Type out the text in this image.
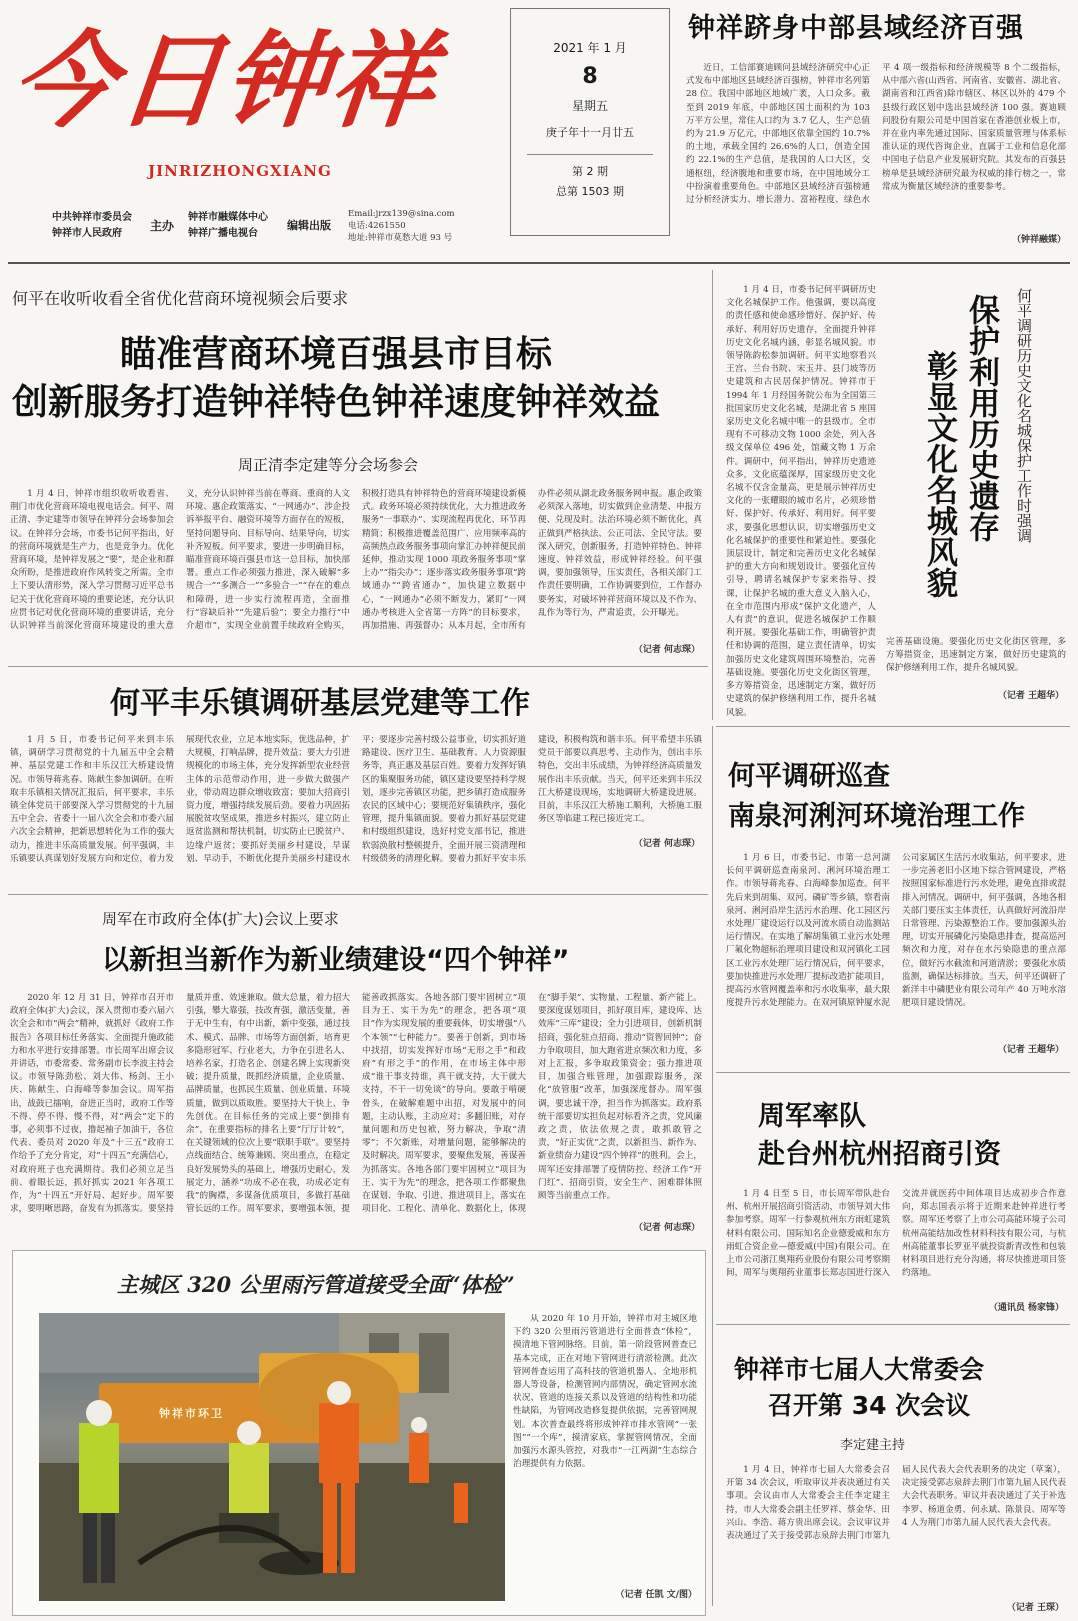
今日钟祥
JINRIZHONGXIANG
中共钟祥市委员会
钟祥市人民政府
主办
钟祥市融媒体中心
钟祥广播电视台
编辑出版
Email:jrzx139@sina.com
电话:4261550
地址:钟祥市莫愁大道 93 号
2021 年 1 月
8
星期五
庚子年十一月廿五
第 2 期
总第 1503 期
钟祥跻身中部县域经济百强
近日，工信部赛迪顾问县域经济研究中心正式发布中部地区县域经济百强榜，钟祥市名列第 28 位。我国中部地区地域广袤，人口众多。截至到 2019 年底，中部地区国土面积约为 103 万平方公里，常住人口约为 3.7 亿人，生产总值约为 21.9 万亿元，中部地区依靠全国约 10.7%的土地，承载全国约 26.6%的人口，创造全国约 22.1%的生产总值，是我国的人口大区，交通枢纽，经济腹地和重要市场，在中国地域分工中扮演着重要角色。中部地区县域经济百强榜通过分析经济实力、增长潜力、富裕程度、绿色水平 4 项一级指标和经济规模等 8 个二级指标，从中部六省(山西省、河南省、安徽省、湖北省、湖南省和江西省)除市辖区、林区以外的 479 个县级行政区划中选出县域经济 100 强。赛迪顾问股份有限公司是中国首家在香港创业板上市，并在业内率先通过国际、国家质量管理与体系标准认证的现代咨询企业，直属于工业和信息化部中国电子信息产业发展研究院。其发布的百强县榜单是县域经济研究最为权威的排行榜之一，常常成为衡量区域经济的重要参考。
（钟祥融媒）
何平在收听收看全省优化营商环境视频会后要求
瞄准营商环境百强县市目标
创新服务打造钟祥特色钟祥速度钟祥效益
周正清李定建等分会场参会
1 月 4 日，钟祥市组织收听收看省、荆门市优化营商环境电视电话会。何平、周正清、李定建等市领导在钟祥分会场参加会议。在钟祥分会场，市委书记何平指出，好的营商环境就是生产力，也是竞争力。优化营商环境，是钟祥发展之“要”，是企业和群众所盼，是推进政府作风转变之所需。全市上下要认清形势，深入学习贯彻习近平总书记关于优化营商环境的重要论述，充分认识应贯书记对优化营商环境的重要讲话，充分认识钟祥当前深化营商环境建设的重大意义，充分认识钟祥当前在尊商、重商的人文环境、惠企政策落实、“一网通办”、涉企投诉举报平台、融资环境等方面存在的短板，坚持问题导向、目标导向、结果导向，切实补齐短板。何平要求，要进一步明确目标，瞄准营商环境百强县市这一总目标，加快部署。重点工作必须强力推进，深入破解“多规合一”“多测合一”“多验合一”“存在的难点和障碍，进一步实行流程再造，全面推行“容缺后补”“先建后验”；要全力推行“中介超市”，实现全业前置手续政府全购买，积极打造具有钟祥特色的营商环境建设新模式。政务环境必须持续优化，大力推进政务服务“一事联办”、实现流程再优化、环节再精简；积极推进覆盖范围广、应用频率高的高频热点政务服务事项向掌汇办钟祥便民前延伸，推动实现 1000 项政务服务事项“掌上办”“指尖办”；逐步落实政务服务事项“跨域通办”“跨省通办”，加快建立数据中心，“一网通办”必须不断发力，紧盯“一网通办考核进入全省第一方阵”的目标要求，再加措施、再强督办；从本月起，全市所有办件必须从湖北政务服务网申报。惠企政策必须深入落地，切实做到企业清楚、申报方便、兑现及时。法治环境必须不断优化，真正做到严格执法、公正司法、全民守法。要深入研究，创新服务，打造钟祥特色、钟祥速度、钟祥效益，形成钟祥经验。何平强调，要加强领导，压实责任，各相关部门工作责任要明确，工作协调要到位，工作督办要务实，对破坏钟祥营商环境以及不作为、乱作为等行为，严肃追责，公开曝光。
（记者 何志琛）
1 月 4 日，市委书记何平调研历史文化名城保护工作。他强调，要以高度的责任感和使命感珍惜好、保护好、传承好、利用好历史遗存，全面提升钟祥历史文化名城内涵，彰显名城风貌。市领导陈韵松参加调研。何平实地察看兴王宫、兰台书院、宋玉井、县门坡等历史建筑和古民居保护情况。钟祥市于 1994 年 1 月经国务院公布为全国第三批国家历史文化名城，是湖北省 5 座国家历史文化名城中唯一的县级市。全市现有不可移动文物 1000 余处，列入各级文保单位 496 处，馆藏文物 1 万余件。调研中，何平指出，钟祥历史遗迹众多，文化底蕴深厚，国家级历史文化名城不仅含金量高，更是展示钟祥历史文化的一张耀眼的城市名片，必须珍惜好、保护好、传承好、利用好。何平要求，要强化思想认识，切实增强历史文化名城保护的重要性和紧迫性。要强化顶层设计，制定和完善历史文化名城保护的重大方向和规划设计。要强化宣传引导，聘请名城保护专家来指导、授课，让保护名城的重大意义入脑入心，在全市范围内形成“保护文化遗产，人人有责”的意识，促进名城保护工作顺利开展。要强化基础工作，明确管护责任和协调的范围，建立责任清单，切实加强历史文化建筑周围环境整治，完善基础设施。要强化历史文化街区管理，多方筹措资金，迅速制定方案，做好历史建筑的保护修缮利用工作，提升名城风貌。
彰显文化名城风貌 保护利用历史遗存 何平调研历史文化名城保护工作时强调
完善基础设施。要强化历史文化街区管理，多方筹措资金，迅速制定方案，做好历史建筑的保护修缮利用工作，提升名城风貌。
（记者 王超华）
何平丰乐镇调研基层党建等工作
1 月 5 日，市委书记何平来到丰乐镇，调研学习贯彻党的十九届五中全会精神、基层党建工作和丰乐汉江大桥建设情况。市领导蒋兆春、陈献生参加调研。在听取丰乐镇相关情况汇报后，何平要求，丰乐镇全体党员干部要深入学习贯彻党的十九届五中全会、省委十一届八次全会和市委六届六次全会精神，把新思想转化为工作的强大动力，推进丰乐高质量发展。何平强调，丰乐镇要认真谋划好发展方向和定位，着力发展现代农业，立足本地实际，优选品种，扩大规模，打响品牌，提升效益；要大力引进规模化的市场主体，充分发挥新型农业经营主体的示范带动作用，进一步做大做强产业，带动周边群众增收致富；要加大招商引资力度，增强持续发展后劲。要着力巩固拓展脱贫攻坚成果，推进乡村振兴，建立防止返贫监测和帮扶机制，切实防止已脱贫户、边缘户返贫；要抓好美丽乡村建设，早谋划、早动手，不断优化提升美丽乡村建设水平；要逐步完善村级公益事业，切实抓好道路建设、医疗卫生、基础教育、人力资源服务等，真正惠及基层百姓。要着力发挥好镇区的集聚服务功能，镇区建设要坚持科学规划，逐步完善镇区功能，把乡镇打造成服务农民的区域中心；要规范好集镇秩序，强化管理，提升集镇面貌。要着力抓好基层党建和村级组织建设，选好村党支部书记，推进软弱涣散村整顿提升，全面开展三资清理和村级债务的清理化解。要着力抓好平安丰乐建设，积极构筑和谐丰乐。何平希望丰乐镇党员干部要以真思考、主动作为，创出丰乐特色，交出丰乐成绩，为钟祥经济高质量发展作出丰乐贡献。当天，何平还来到丰乐汉江大桥建设现场，实地调研大桥建设进展。目前，丰乐汉江大桥施工顺利，大桥施工服务区等临建工程已接近完工。
（记者 何志琛）
周军在市政府全体(扩大)会议上要求
以新担当新作为新业绩建设“四个钟祥”
2020 年 12 月 31 日，钟祥市召开市政府全体(扩大)会议，深入贯彻市委六届六次全会和市“两会”精神，就抓好《政府工作报告》各项目标任务落实、全面提升施政能力和水平进行安排部署。市长周军出席会议并讲话，市委常委、常务副市长李波主持会议。市领导陈劲松、刘大伟、杨剑、王小庆、陈献生、白海峰等参加会议。周军指出，战鼓已擂响，奋进正当时，政府工作等不得、停不得、慢不得，对“两会”定下的事，必须事不过夜，撸起袖子加油干，各位代表、委员对 2020 年及“十三五”政府工作给予了充分肯定，对“十四五”充满信心，对政府班子也充满期待。我们必须立足当前、着眼长远，抓好抓实 2021 年各项工作，为“十四五”开好局、起好步。周军要求，要明晰思路，奋发有为抓落实。要坚持量质并重、效速兼取。做大总量，着力招大引强，攀大靠强，技改育强，激活变量，善于无中生有，有中出新，新中变强，通过技术、模式、品牌、市场等方面创新，培育更多隐形冠军、行业老大，力争在引进名人、培养名家，打造名企、创建名牌上实现新突破；提升质量，既抓经济质量，企业质量、品牌质量，也抓民生质量、创业质量、环境质量，做到以质取胜。要坚持大干快上、争先创优。在目标任务的完成上要“倒排有余”，在重要指标的排名上要“厅厅计较”，在关键领域的位次上要“联职手联”。要坚持点线面结合、统筹兼顾、突出重点，在稳定良好发展势头的基础上，增强历史耐心，发展定力，涵养“功成不必在我，功成必定有我”的胸襟，多谋备优质项目，多做打基础管长远的工作。周军要求，要增强本领，提能善政抓落实。各地各部门要牢固树立“项目为王、实干为先”的理念，把各项“项目”作为实现发展的重要载体，切实增强“八个本领”“七种能力”。要善于创新，到市场中找招，切实发挥好市场“无形之手”和政府“有形之手”的作用，在市场主体中形成“谁干事支持谁，真干就支持，大干就大支持，不干一切免谈”的导向。要敢于啃硬骨头，在破解难题中出招，对发展中的问题，主动认账，主动应对；多翻旧账，对存量问题和历史包袱，努力解决，争取“清零”；不欠新账，对增量问题，能够解决的及时解决。周军要求，要聚焦发展，善谋善为抓落实。各地各部门要牢固树立“项目为王、实干为先”的理念，把各项工作都聚焦在谋划、争取、引进、推进项目上，落实在项目化、工程化、清单化、数据化上，体现在“脚手架”、实物量、工程量、新产能上。要深度谋划项目，抓好项目库，建设库、达效库“三库”建设；全力引进项目，创新机制招商，强化驻点招商、推动“资智回钟”；奋力争取项目，加大跑省进京频次和力度，多对上汇报，多争取政策资金；强力推进项目，加强合账管理，加强跟踪服务，深化“放管服”改革，加强深度督办。周军强调，要忠诚干净，担当作为抓落实。政府系统干部要切实担负起对标看齐之责，党风廉政之责，依法依规之责，敢抓敢管之责，“好正实优”之责，以新担当、新作为、新业绩奋力建设“四个钟祥”的胜利。会上，周军还安排部署了疫情防控、经济工作“开门红”、招商引资，安全生产、困难群体照顾等当前重点工作。
（记者 何志琛）
何平调研巡查
南泉河浰河环境治理工作
1 月 6 日，市委书记、市第一总河湖长何平调研巡查南泉河、浰河环境治理工作。市领导蒋兆春、白海峰参加巡查。何平先后来到胡集、双河、磷矿等乡镇，察看南泉河、浰河沿岸生活污水治理、化工园区污水处理厂建设运行以及河流水质自动监测站运行情况。在实地了解胡集镇工业污水处理厂氟化物超标治理项目建设和双河镇化工园区工业污水处理厂运行情况后，何平要求，要加快推进污水处理厂提标改造扩能项目，提高污水管网覆盖率和污水收集率，最大限度提升污水处理能力。在双河镇原钟厦水泥公司家属区生活污水收集站，何平要求，进一步完善老旧小区地下综合管网建设，严格按照国家标准进行污水处理，避免直排或混排入河情况。调研中，何平强调，各地各相关部门要压实主体责任，认真做好河流沿岸日常管理、污染源整治工作。要加强源头治理，切实开展磷化污染隐患排查，提高巡河频次和力度，对存在水污染隐患的重点部位，做好污水截流和河道清淤；要强化水质监测，确保达标排放。当天，何平还调研了新洋丰中磷肥业有限公司年产 40 万吨水溶肥项目建设情况。
（记者 王超华）
周军率队
赴台州杭州招商引资
1 月 4 日至 5 日，市长周军带队赴台州、杭州开展招商引资活动，市领导刘大伟参加考察。周军一行参观杭州东方雨虹建筑材料有限公司、国际知名企业德爱威和东方雨虹合资企业—德爱威(中国)有限公司。在上市公司浙江奥翔药业股份有限公司考察期间，周军与奥翔药业董事长郑志国进行深入交流并就医药中间体项目达成初步合作意向，郑志国表示将于近期来赴钟祥进行考察。周军还考察了上市公司高能环境子公司杭州高能结加改性材料科技有限公司，与杭州高能董事长罗亚平就投资新青改性和包装材料项目进行充分沟通，将尽快推进项目签约落地。
（通讯员 杨家锋）
钟祥市七届人大常委会
召开第 34 次会议
李定建主持
1 月 4 日，钟祥市七届人大常委会召开第 34 次会议，听取审议并表决通过有关事项。会议由市人大常委会主任李定建主持，市人大常委会副主任罗祥、蔡金华、田兴山、李浩、蒋方贵出席会议。会议审议并表决通过了关于接受郭志泉辞去荆门市第九届人民代表大会代表职务的决定（草案），决定接受郭志泉辞去荆门市第九届人民代表大会代表职务。审议并表决通过了关于补选李罗、杨道金勇、何永斌、陈景良、周军等 4 人为荆门市第九届人民代表大会代表。
（记者 王琛）
主城区 320 公里雨污管道接受全面“体检”
钟祥市环卫
从 2020 年 10 月开始，钟祥市对主城区地下约 320 公里雨污管道进行全面普查“体检”，摸清地下管网脉络。目前，第一阶段管网普查已基本完成，正在对地下管网进行清淤检测。此次管网普查运用了高科技的管道机器人、全地形机器人等设备，检测管网内部情况，确定管网水流状况、管道的连接关系以及管道的结构性和功能性缺陷，为管网改造修复提供依据，完善管网规划。本次普查最终将形成钟祥市排水管网“一张图”“一个库”，摸清家底，掌握管网情况，全面加强污水源头管控，对我市“一江两湖”生态综合治理提供有力依据。
（记者 任凯 文/图）
